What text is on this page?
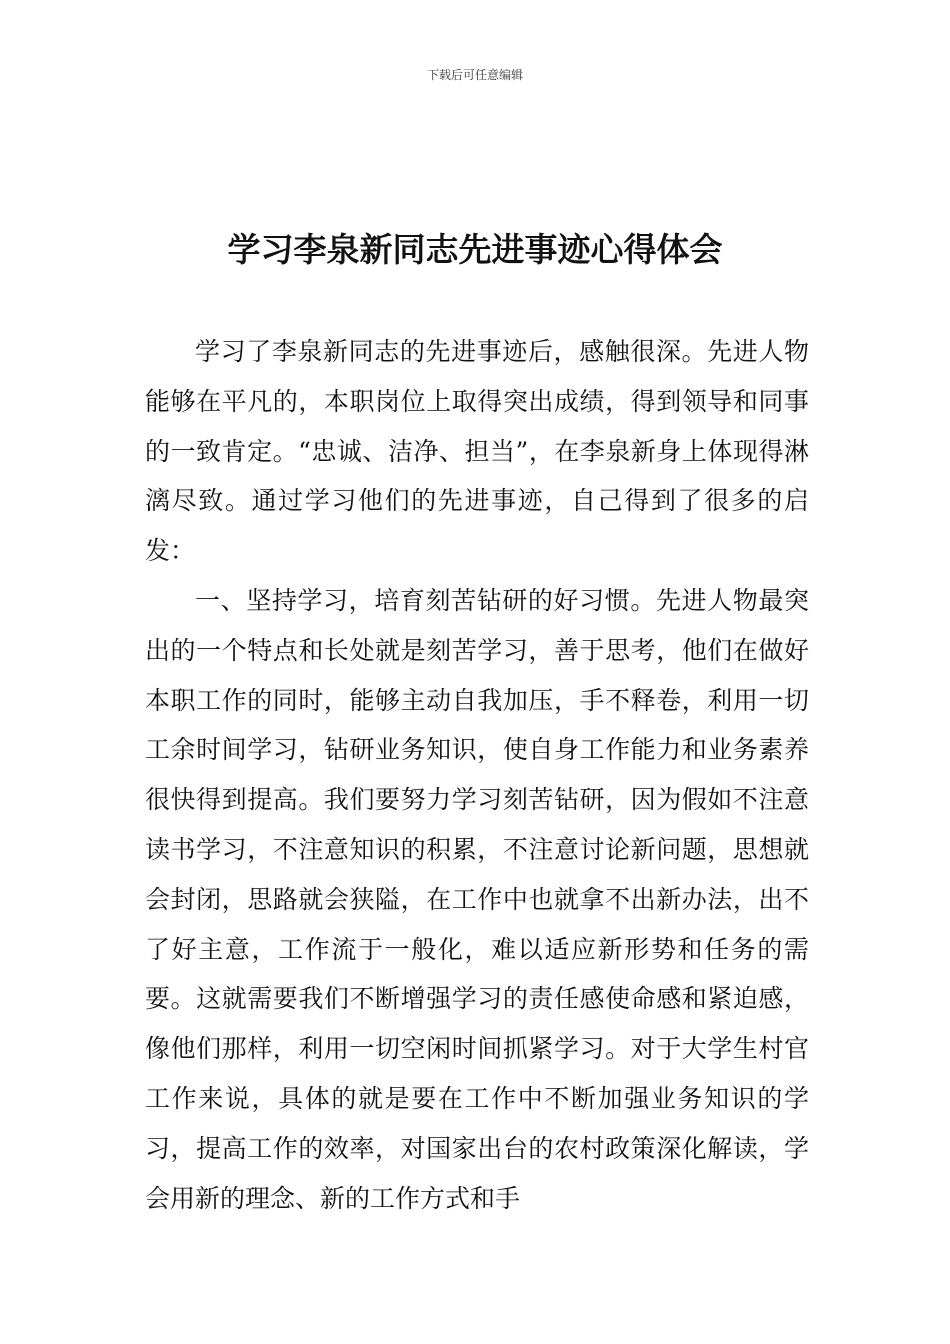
下载后可任意编辑
学习李泉新同志先进事迹心得体会

学习了李泉新同志的先进事迹后，感触很深。先进人物能够在平凡的，本职岗位上取得突出成绩，得到领导和同事的一致肯定。“忠诚、洁净、担当”，在李泉新身上体现得淋漓尽致。通过学习他们的先进事迹，自己得到了很多的启发：

一、坚持学习，培育刻苦钻研的好习惯。先进人物最突出的一个特点和长处就是刻苦学习，善于思考，他们在做好本职工作的同时，能够主动自我加压，手不释卷，利用一切工余时间学习，钻研业务知识，使自身工作能力和业务素养很快得到提高。我们要努力学习刻苦钻研，因为假如不注意读书学习，不注意知识的积累，不注意讨论新问题，思想就会封闭，思路就会狭隘，在工作中也就拿不出新办法，出不了好主意，工作流于一般化，难以适应新形势和任务的需要。这就需要我们不断增强学习的责任感使命感和紧迫感，像他们那样，利用一切空闲时间抓紧学习。对于大学生村官工作来说，具体的就是要在工作中不断加强业务知识的学习，提高工作的效率，对国家出台的农村政策深化解读，学会用新的理念、新的工作方式和手
